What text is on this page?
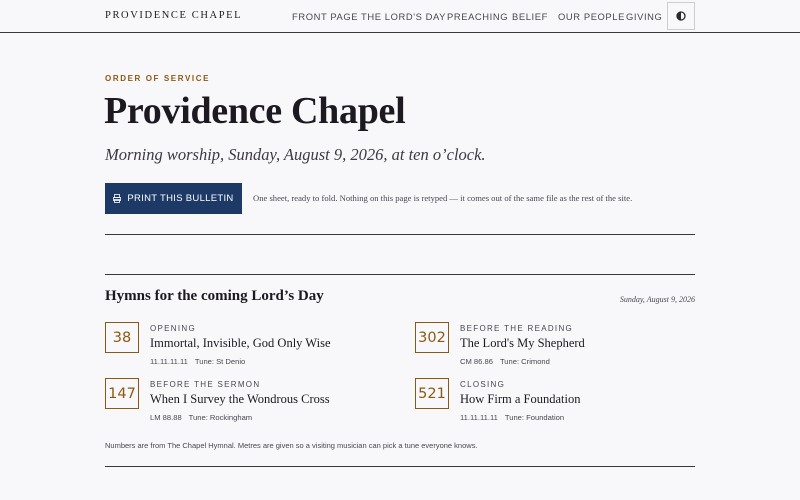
PROVIDENCE CHAPEL	FRONT PAGE THE LORD'S DAY PREACHING BELIEF OUR PEOPLE GIVING
ORDER OF SERVICE
Providence Chapel

Morning worship, Sunday, August 9, 2026, at ten o’clock.

PRINT THIS BULLETIN One sheet, ready to fold. Nothing on this page is retyped — it comes out of the same file as the rest of the site.

Hymns for the coming Lord’s Day	Sunday, August 9, 2026
38
OPENING
Immortal, Invisible, God Only Wise
11.11.11.11 Tune: St Denio
302
BEFORE THE READING
The Lord's My Shepherd
CM 86.86 Tune: Crimond
147
BEFORE THE SERMON
When I Survey the Wondrous Cross
LM 88.88 Tune: Rockingham
521
CLOSING
How Firm a Foundation
11.11.11.11 Tune: Foundation

Numbers are from The Chapel Hymnal. Metres are given so a visiting musician can pick a tune everyone knows.
